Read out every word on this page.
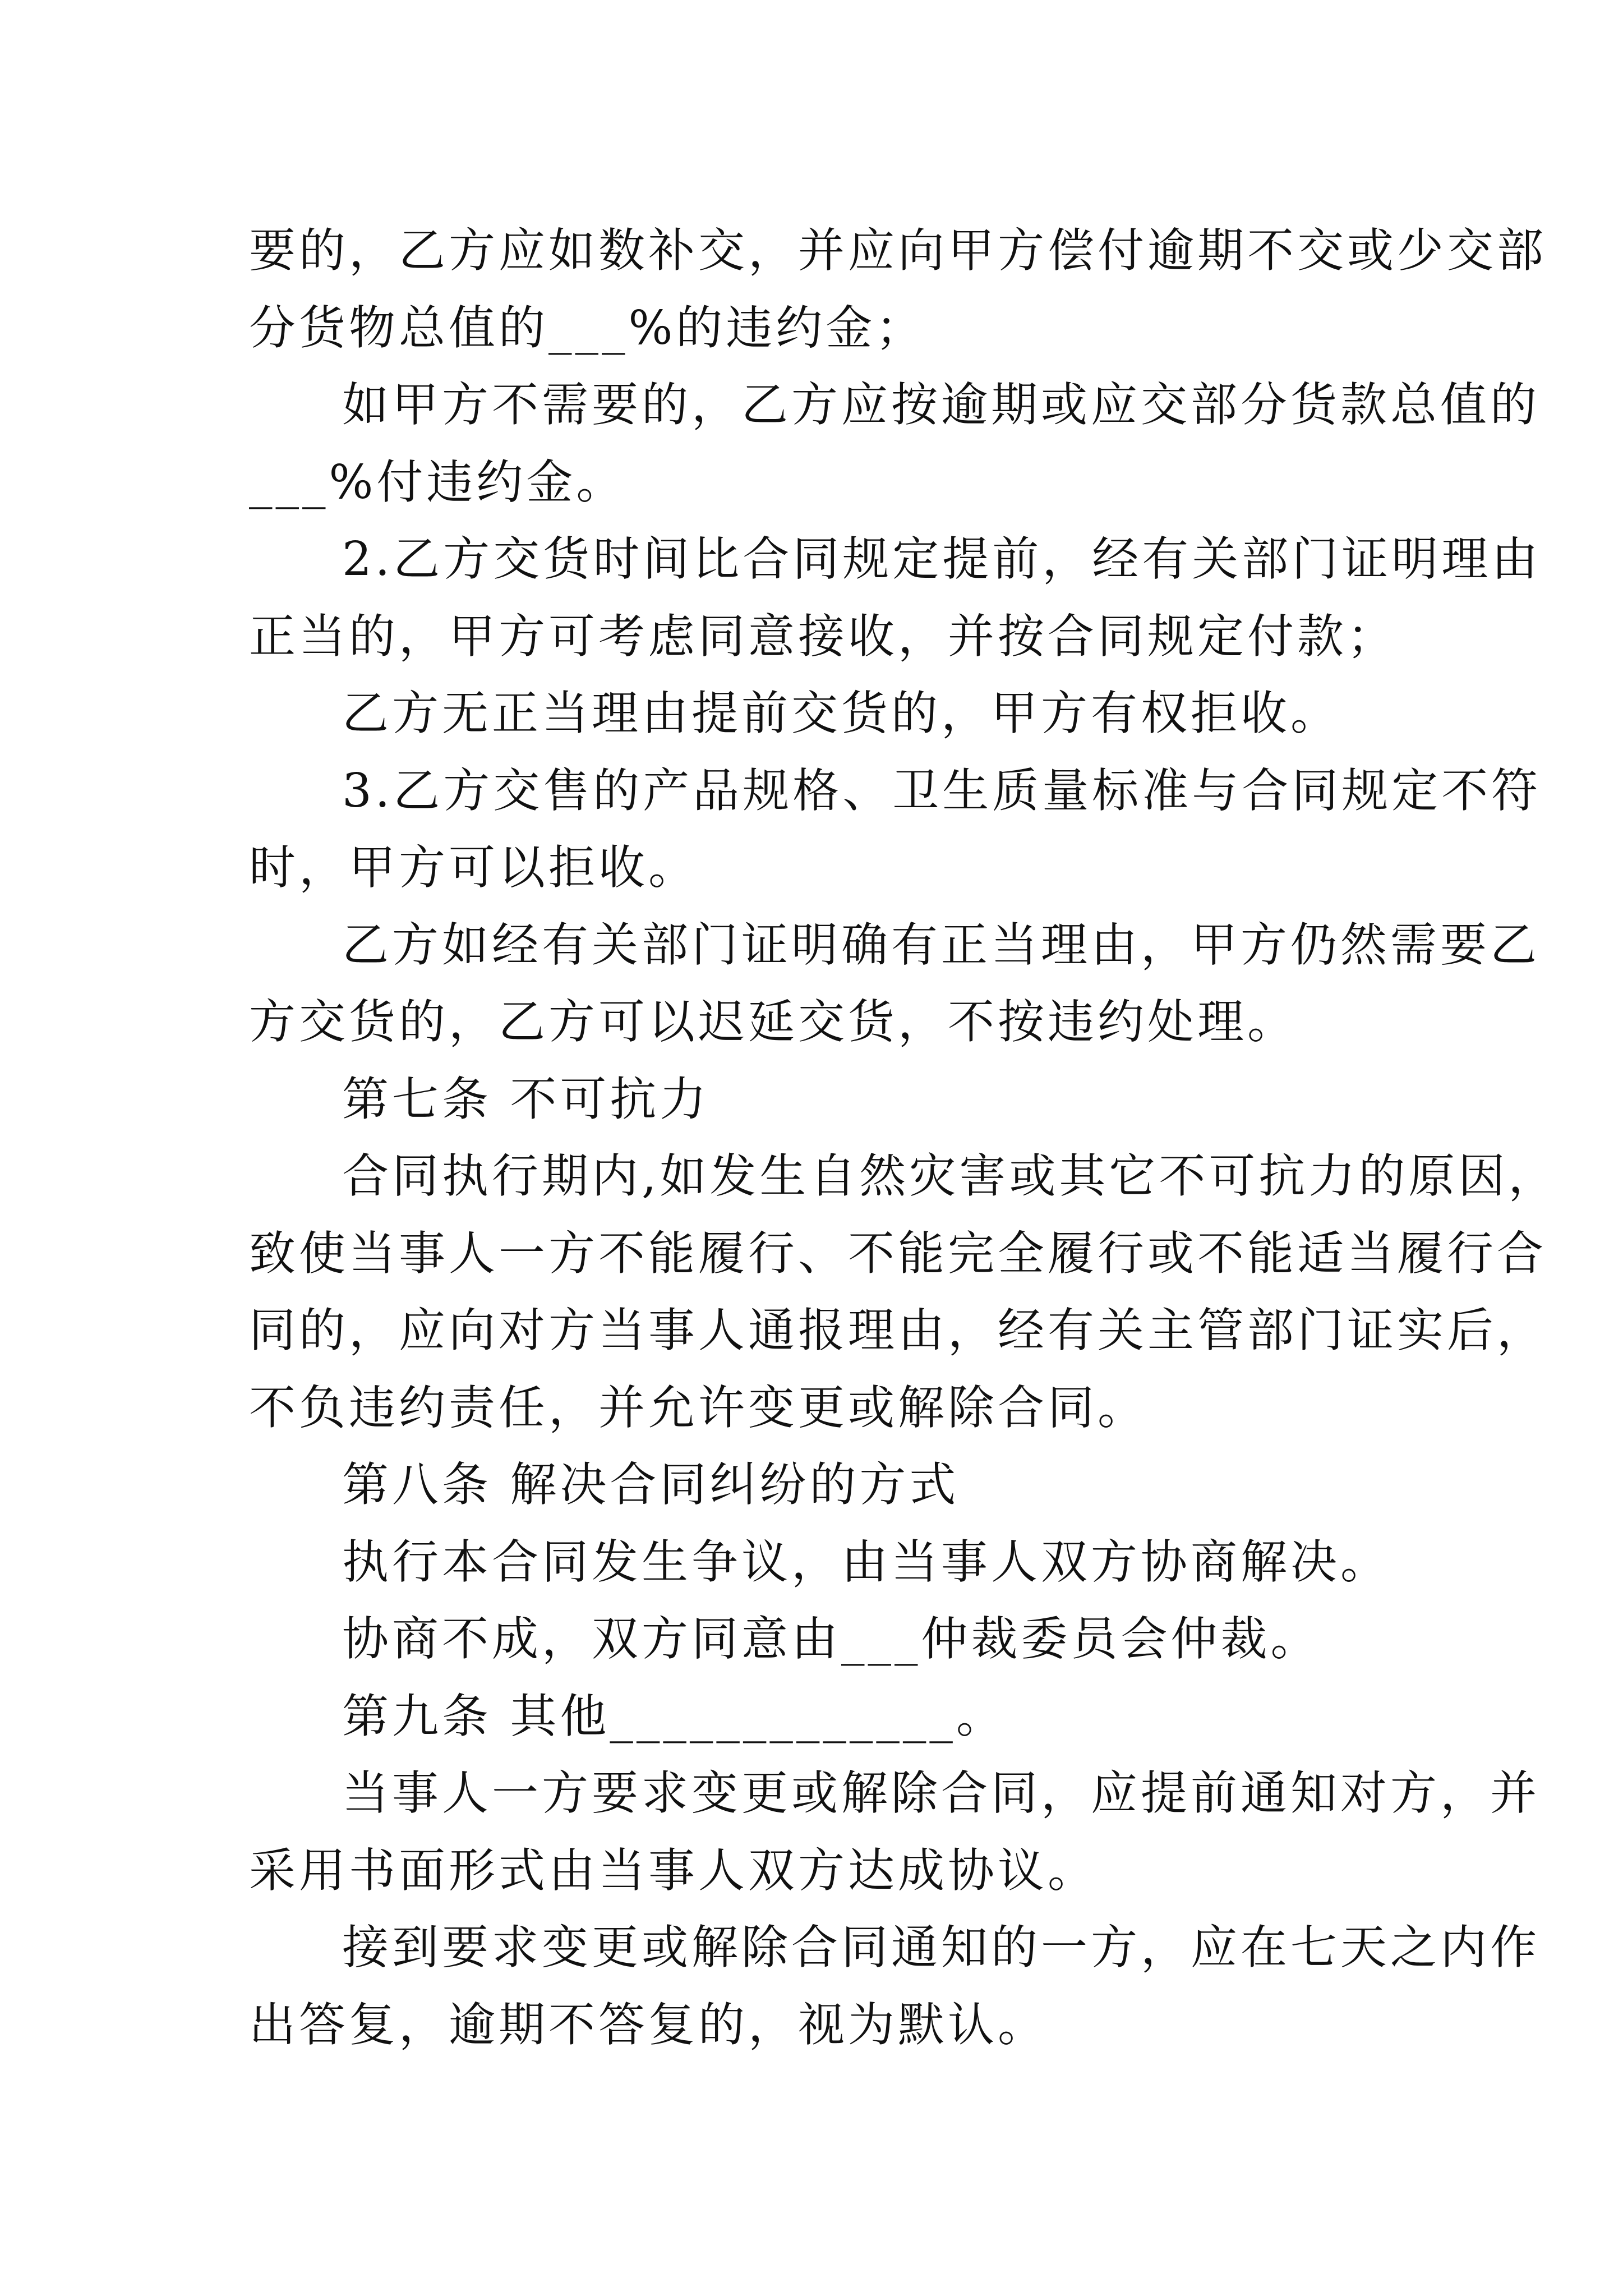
要的，乙方应如数补交，并应向甲方偿付逾期不交或少交部
分货物总值的___%的违约金；
如甲方不需要的，乙方应按逾期或应交部分货款总值的
___%付违约金。
2.乙方交货时间比合同规定提前，经有关部门证明理由
正当的，甲方可考虑同意接收，并按合同规定付款；
乙方无正当理由提前交货的，甲方有权拒收。
3.乙方交售的产品规格、卫生质量标准与合同规定不符
时，甲方可以拒收。
乙方如经有关部门证明确有正当理由，甲方仍然需要乙
方交货的，乙方可以迟延交货，不按违约处理。
第七条 不可抗力
合同执行期内,如发生自然灾害或其它不可抗力的原因，
致使当事人一方不能履行、不能完全履行或不能适当履行合
同的，应向对方当事人通报理由，经有关主管部门证实后，
不负违约责任，并允许变更或解除合同。
第八条 解决合同纠纷的方式
执行本合同发生争议，由当事人双方协商解决。
协商不成，双方同意由___仲裁委员会仲裁。
第九条 其他_____________。
当事人一方要求变更或解除合同，应提前通知对方，并
采用书面形式由当事人双方达成协议。
接到要求变更或解除合同通知的一方，应在七天之内作
出答复，逾期不答复的，视为默认。
